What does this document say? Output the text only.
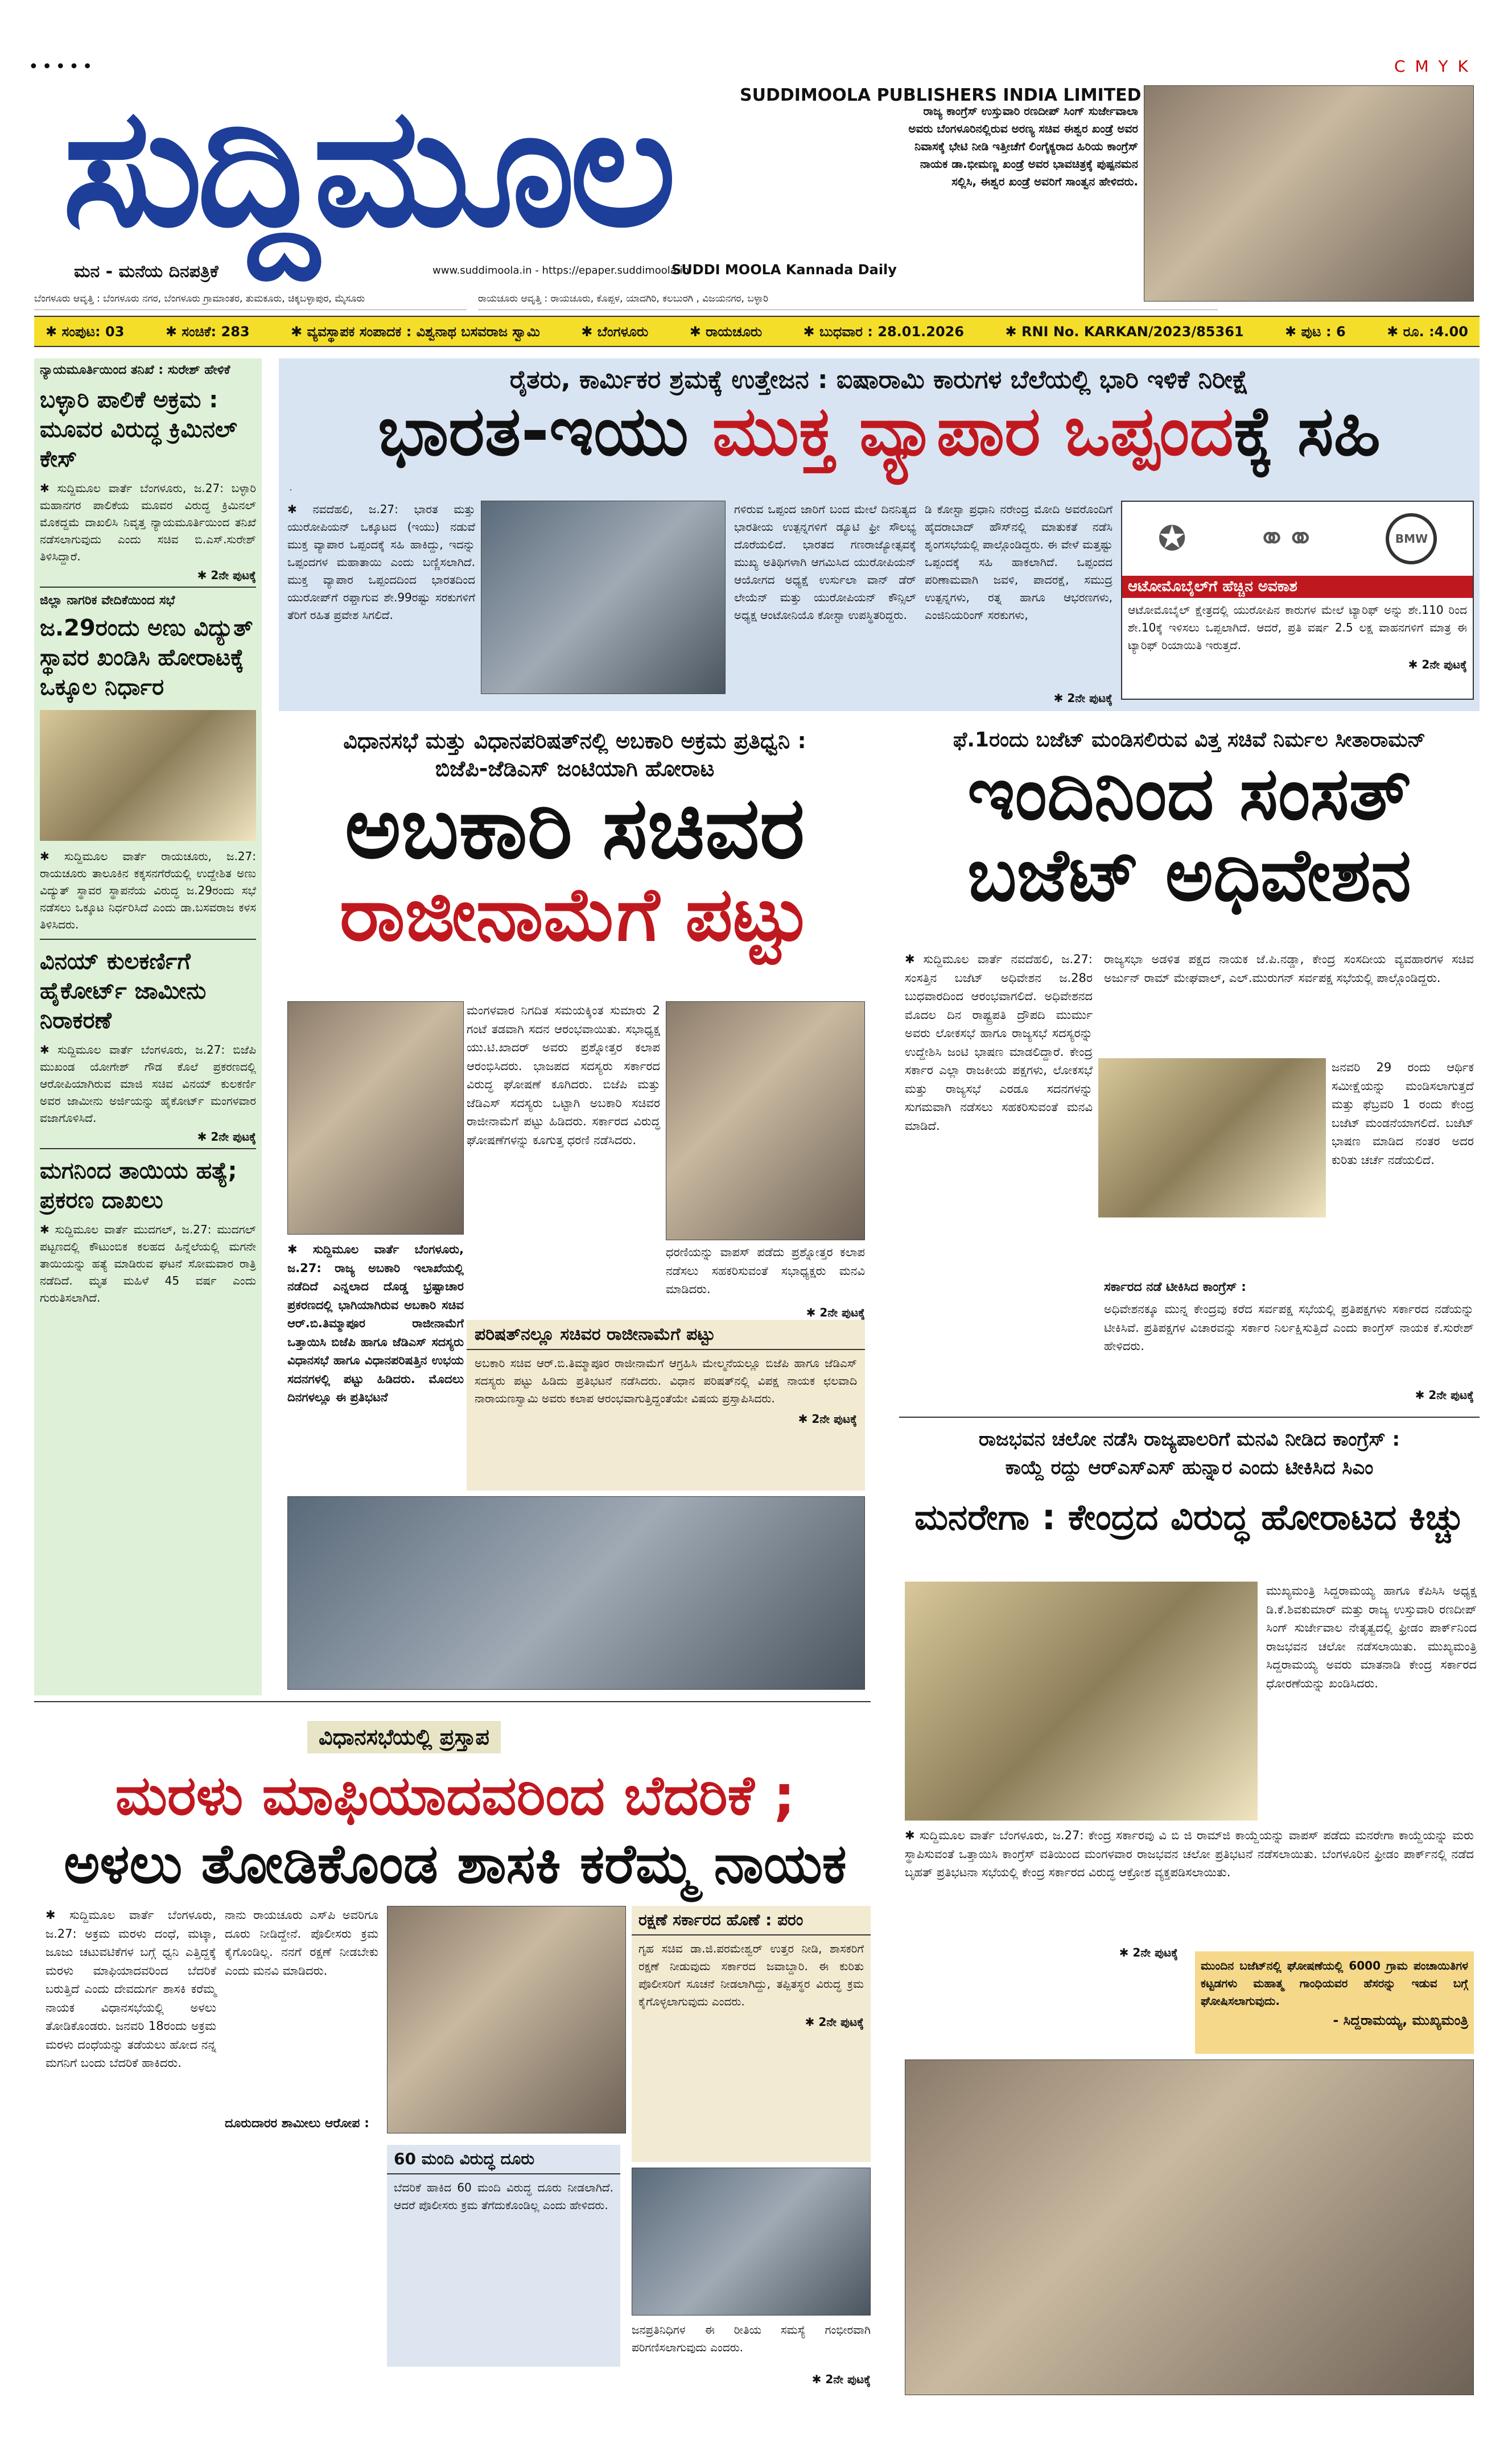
•••••	C M Y K
ಸುದ್ದಿಮೂಲ	SUDDIMOOLA PUBLISHERS INDIA LIMITED
ಮನ - ಮನೆಯ ದಿನಪತ್ರಿಕೆ	www.suddimoola.in - https://epaper.suddimoola.in
SUDDI MOOLA Kannada Daily
ರಾಜ್ಯ ಕಾಂಗ್ರೆಸ್ ಉಸ್ತುವಾರಿ ರಣದೀಪ್ ಸಿಂಗ್ ಸುರ್ಜೇವಾಲಾ ಅವರು ಬೆಂಗಳೂರಿನಲ್ಲಿರುವ ಅರಣ್ಯ ಸಚಿವ ಈಶ್ವರ ಖಂಡ್ರೆ ಅವರ ನಿವಾಸಕ್ಕೆ ಭೇಟಿ ನೀಡಿ ಇತ್ತೀಚೆಗೆ ಲಿಂಗೈಕ್ಯರಾದ ಹಿರಿಯ ಕಾಂಗ್ರೆಸ್ ನಾಯಕ ಡಾ.ಭೀಮಣ್ಣ ಖಂಡ್ರೆ ಅವರ ಭಾವಚಿತ್ರಕ್ಕೆ ಪುಷ್ಪನಮನ ಸಲ್ಲಿಸಿ, ಈಶ್ವರ ಖಂಡ್ರೆ ಅವರಿಗೆ ಸಾಂತ್ವನ ಹೇಳಿದರು.
ಬೆಂಗಳೂರು ಆವೃತ್ತಿ : ಬೆಂಗಳೂರು ನಗರ, ಬೆಂಗಳೂರು ಗ್ರಾಮಾಂತರ, ತುಮಕೂರು, ಚಿಕ್ಕಬಳ್ಳಾಪುರ, ಮೈಸೂರು	ರಾಯಚೂರು ಆವೃತ್ತಿ : ರಾಯಚೂರು, ಕೊಪ್ಪಳ, ಯಾದಗಿರಿ, ಕಲಬುರಗಿ , ವಿಜಯನಗರ, ಬಳ್ಳಾರಿ
✱ ಸಂಪುಟ: 03	✱ ಸಂಚಿಕೆ: 283	✱ ವ್ಯವಸ್ಥಾಪಕ ಸಂಪಾದಕ : ವಿಶ್ವನಾಥ ಬಸವರಾಜ ಸ್ವಾಮಿ	✱ ಬೆಂಗಳೂರು	✱ ರಾಯಚೂರು	✱ ಬುಧವಾರ : 28.01.2026	✱ RNI No. KARKAN/2023/85361	✱ ಪುಟ : 6	✱ ರೂ. :4.00
ನ್ಯಾಯಮೂರ್ತಿಯಿಂದ ತನಿಖೆ : ಸುರೇಶ್ ಹೇಳಿಕೆ
ಬಳ್ಳಾರಿ ಪಾಲಿಕೆ ಅಕ್ರಮ : ಮೂವರ ವಿರುದ್ಧ ಕ್ರಿಮಿನಲ್ ಕೇಸ್
✱ ಸುದ್ದಿಮೂಲ ವಾರ್ತೆ ಬೆಂಗಳೂರು, ಜ.27: ಬಳ್ಳಾರಿ ಮಹಾನಗರ ಪಾಲಿಕೆಯ ಮೂವರ ವಿರುದ್ಧ ಕ್ರಿಮಿನಲ್ ಮೊಕದ್ದಮೆ ದಾಖಲಿಸಿ ನಿವೃತ್ತ ನ್ಯಾಯಮೂರ್ತಿಯಿಂದ ತನಿಖೆ ನಡೆಸಲಾಗುವುದು ಎಂದು ಸಚಿವ ಬಿ.ಎಸ್.ಸುರೇಶ್ ತಿಳಿಸಿದ್ದಾರೆ.
✱ 2ನೇ ಪುಟಕ್ಕೆ
ಜಿಲ್ಲಾ ನಾಗರಿಕ ವೇದಿಕೆಯಿಂದ ಸಭೆ
ಜ.29ರಂದು ಅಣು ವಿದ್ಯುತ್ ಸ್ಥಾವರ ಖಂಡಿಸಿ ಹೋರಾಟಕ್ಕೆ ಒಕ್ಕೂಲ ನಿರ್ಧಾರ
✱ ಸುದ್ದಿಮೂಲ ವಾರ್ತೆ ರಾಯಚೂರು, ಜ.27: ರಾಯಚೂರು ತಾಲೂಕಿನ ಕಕ್ಕಸನಗೆರೆಯಲ್ಲಿ ಉದ್ದೇಶಿತ ಅಣು ವಿದ್ಯುತ್ ಸ್ಥಾವರ ಸ್ಥಾಪನೆಯ ವಿರುದ್ಧ ಜ.29ರಂದು ಸಭೆ ನಡೆಸಲು ಒಕ್ಕೂಟ ನಿರ್ಧರಿಸಿದೆ ಎಂದು ಡಾ.ಬಸವರಾಜ ಕಳಸ ತಿಳಿಸಿದರು.
ವಿನಯ್ ಕುಲಕರ್ಣಿಗೆ ಹೈಕೋರ್ಟ್ ಜಾಮೀನು ನಿರಾಕರಣೆ
✱ ಸುದ್ದಿಮೂಲ ವಾರ್ತೆ ಬೆಂಗಳೂರು, ಜ.27: ಬಿಜೆಪಿ ಮುಖಂಡ ಯೋಗೇಶ್ ಗೌಡ ಕೊಲೆ ಪ್ರಕರಣದಲ್ಲಿ ಆರೋಪಿಯಾಗಿರುವ ಮಾಜಿ ಸಚಿವ ವಿನಯ್ ಕುಲಕರ್ಣಿ ಅವರ ಜಾಮೀನು ಅರ್ಜಿಯನ್ನು ಹೈಕೋರ್ಟ್ ಮಂಗಳವಾರ ವಜಾಗೊಳಿಸಿದೆ.
✱ 2ನೇ ಪುಟಕ್ಕೆ
ಮಗನಿಂದ ತಾಯಿಯ ಹತ್ಯೆ; ಪ್ರಕರಣ ದಾಖಲು
✱ ಸುದ್ದಿಮೂಲ ವಾರ್ತೆ ಮುದಗಲ್, ಜ.27: ಮುದಗಲ್ ಪಟ್ಟಣದಲ್ಲಿ ಕೌಟುಂಬಿಕ ಕಲಹದ ಹಿನ್ನೆಲೆಯಲ್ಲಿ ಮಗನೇ ತಾಯಿಯನ್ನು ಹತ್ಯೆ ಮಾಡಿರುವ ಘಟನೆ ಸೋಮವಾರ ರಾತ್ರಿ ನಡೆದಿದೆ. ಮೃತ ಮಹಿಳೆ 45 ವರ್ಷ ಎಂದು ಗುರುತಿಸಲಾಗಿದೆ.
ರೈತರು, ಕಾರ್ಮಿಕರ ಶ್ರಮಕ್ಕೆ ಉತ್ತೇಜನ : ಐಷಾರಾಮಿ ಕಾರುಗಳ ಬೆಲೆಯಲ್ಲಿ ಭಾರಿ ಇಳಿಕೆ ನಿರೀಕ್ಷೆ
ಭಾರತ-ಇಯು ಮುಕ್ತ ವ್ಯಾಪಾರ ಒಪ್ಪಂದಕ್ಕೆ ಸಹಿ
✱ ನವದೆಹಲಿ, ಜ.27: ಭಾರತ ಮತ್ತು ಯುರೋಪಿಯನ್ ಒಕ್ಕೂಟದ (ಇಯು) ನಡುವೆ ಮುಕ್ತ ವ್ಯಾಪಾರ ಒಪ್ಪಂದಕ್ಕೆ ಸಹಿ ಹಾಕಿದ್ದು, ಇದನ್ನು ಒಪ್ಪಂದಗಳ ಮಹಾತಾಯಿ ಎಂದು ಬಣ್ಣಿಸಲಾಗಿದೆ. ಮುಕ್ತ ವ್ಯಾಪಾರ ಒಪ್ಪಂದದಿಂದ ಭಾರತದಿಂದ ಯುರೋಪ್‌ಗೆ ರಫ್ತಾಗುವ ಶೇ.99ರಷ್ಟು ಸರಕುಗಳಿಗೆ ತೆರಿಗೆ ರಹಿತ ಪ್ರವೇಶ ಸಿಗಲಿದೆ.
ಗಳಿರುವ ಒಪ್ಪಂದ ಜಾರಿಗೆ ಬಂದ ಮೇಲೆ ದಿನನಿತ್ಯದ ಭಾರತೀಯ ಉತ್ಪನ್ನಗಳಿಗೆ ಡ್ಯೂಟಿ ಫ್ರೀ ಸೌಲಭ್ಯ ದೊರೆಯಲಿದೆ. ಭಾರತದ ಗಣರಾಜ್ಯೋತ್ಸವಕ್ಕೆ ಮುಖ್ಯ ಅತಿಥಿಗಳಾಗಿ ಆಗಮಿಸಿದ ಯುರೋಪಿಯನ್ ಆಯೋಗದ ಅಧ್ಯಕ್ಷೆ ಉರ್ಸುಲಾ ವಾನ್ ಡೆರ್ ಲೇಯೆನ್ ಮತ್ತು ಯುರೋಪಿಯನ್ ಕೌನ್ಸಿಲ್ ಅಧ್ಯಕ್ಷ ಆಂಟೋನಿಯೊ ಕೋಸ್ಟಾ ಉಪಸ್ಥಿತರಿದ್ದರು.
ಡಿ ಕೋಸ್ಟಾ ಪ್ರಧಾನಿ ನರೇಂದ್ರ ಮೋದಿ ಅವರೊಂದಿಗೆ ಹೈದರಾಬಾದ್ ಹೌಸ್‌ನಲ್ಲಿ ಮಾತುಕತೆ ನಡೆಸಿ ಶೃಂಗಸಭೆಯಲ್ಲಿ ಪಾಲ್ಗೊಂಡಿದ್ದರು. ಈ ವೇಳೆ ಮತ್ತಷ್ಟು ಒಪ್ಪಂದಕ್ಕೆ ಸಹಿ ಹಾಕಲಾಗಿದೆ. ಒಪ್ಪಂದದ ಪರಿಣಾಮವಾಗಿ ಜವಳಿ, ಪಾದರಕ್ಷೆ, ಸಮುದ್ರ ಉತ್ಪನ್ನಗಳು, ರತ್ನ ಹಾಗೂ ಆಭರಣಗಳು, ಎಂಜಿನಿಯರಿಂಗ್ ಸರಕುಗಳು,
✱ 2ನೇ ಪುಟಕ್ಕೆ
✪ ⚭⚭	BMW
ಆಟೋಮೊಬೈಲ್‌ಗೆ ಹೆಚ್ಚಿನ ಅವಕಾಶ
ಆಟೋಮೊಬೈಲ್ ಕ್ಷೇತ್ರದಲ್ಲಿ ಯುರೋಪಿನ ಕಾರುಗಳ ಮೇಲೆ ಟ್ಯಾರಿಫ್ ಅನ್ನು ಶೇ.110 ರಿಂದ ಶೇ.10ಕ್ಕೆ ಇಳಿಸಲು ಒಪ್ಪಲಾಗಿದೆ. ಆದರೆ, ಪ್ರತಿ ವರ್ಷ 2.5 ಲಕ್ಷ ವಾಹನಗಳಿಗೆ ಮಾತ್ರ ಈ ಟ್ಯಾರಿಫ್ ರಿಯಾಯಿತಿ ಇರುತ್ತದೆ.
✱ 2ನೇ ಪುಟಕ್ಕೆ
ವಿಧಾನಸಭೆ ಮತ್ತು ವಿಧಾನಪರಿಷತ್‌ನಲ್ಲಿ ಅಬಕಾರಿ ಅಕ್ರಮ ಪ್ರತಿಧ್ವನಿ :
ಬಿಜೆಪಿ-ಜೆಡಿಎಸ್ ಜಂಟಿಯಾಗಿ ಹೋರಾಟ
ಅಬಕಾರಿ ಸಚಿವರ
ರಾಜೀನಾಮೆಗೆ ಪಟ್ಟು
ಮಂಗಳವಾರ ನಿಗದಿತ ಸಮಯಕ್ಕಿಂತ ಸುಮಾರು 2 ಗಂಟೆ ತಡವಾಗಿ ಸದನ ಆರಂಭವಾಯಿತು. ಸಭಾಧ್ಯಕ್ಷ ಯು.ಟಿ.ಖಾದರ್ ಅವರು ಪ್ರಶ್ನೋತ್ತರ ಕಲಾಪ ಆರಂಭಿಸಿದರು. ಭಾಜಪದ ಸದಸ್ಯರು ಸರ್ಕಾರದ ವಿರುದ್ಧ ಘೋಷಣೆ ಕೂಗಿದರು. ಬಿಜೆಪಿ ಮತ್ತು ಜೆಡಿಎಸ್ ಸದಸ್ಯರು ಒಟ್ಟಾಗಿ ಅಬಕಾರಿ ಸಚಿವರ ರಾಜೀನಾಮೆಗೆ ಪಟ್ಟು ಹಿಡಿದರು. ಸರ್ಕಾರದ ವಿರುದ್ಧ ಘೋಷಣೆಗಳನ್ನು ಕೂಗುತ್ತ ಧರಣಿ ನಡೆಸಿದರು.
ಧರಣಿಯನ್ನು ವಾಪಸ್ ಪಡೆದು ಪ್ರಶ್ನೋತ್ತರ ಕಲಾಪ ನಡೆಸಲು ಸಹಕರಿಸುವಂತೆ ಸಭಾಧ್ಯಕ್ಷರು ಮನವಿ ಮಾಡಿದರು.
✱ 2ನೇ ಪುಟಕ್ಕೆ
✱ ಸುದ್ದಿಮೂಲ ವಾರ್ತೆ ಬೆಂಗಳೂರು, ಜ.27: ರಾಜ್ಯ ಅಬಕಾರಿ ಇಲಾಖೆಯಲ್ಲಿ ನಡೆದಿದೆ ಎನ್ನಲಾದ ದೊಡ್ಡ ಭ್ರಷ್ಟಾಚಾರ ಪ್ರಕರಣದಲ್ಲಿ ಭಾಗಿಯಾಗಿರುವ ಅಬಕಾರಿ ಸಚಿವ ಆರ್.ಬಿ.ತಿಮ್ಮಾಪೂರ ರಾಜೀನಾಮೆಗೆ ಒತ್ತಾಯಿಸಿ ಬಿಜೆಪಿ ಹಾಗೂ ಜೆಡಿಎಸ್ ಸದಸ್ಯರು ವಿಧಾನಸಭೆ ಹಾಗೂ ವಿಧಾನಪರಿಷತ್ತಿನ ಉಭಯ ಸದನಗಳಲ್ಲಿ ಪಟ್ಟು ಹಿಡಿದರು. ಮೊದಲು ದಿನಗಳಲ್ಲೂ ಈ ಪ್ರತಿಭಟನೆ
ಪರಿಷತ್‌ನಲ್ಲೂ ಸಚಿವರ ರಾಜೀನಾಮೆಗೆ ಪಟ್ಟು
ಅಬಕಾರಿ ಸಚಿವ ಆರ್.ಬಿ.ತಿಮ್ಮಾಪೂರ ರಾಜೀನಾಮೆಗೆ ಆಗ್ರಹಿಸಿ ಮೇಲ್ಮನೆಯಲ್ಲೂ ಬಿಜೆಪಿ ಹಾಗೂ ಜೆಡಿಎಸ್ ಸದಸ್ಯರು ಪಟ್ಟು ಹಿಡಿದು ಪ್ರತಿಭಟನೆ ನಡೆಸಿದರು. ವಿಧಾನ ಪರಿಷತ್‌ನಲ್ಲಿ ವಿಪಕ್ಷ ನಾಯಕ ಛಲವಾದಿ ನಾರಾಯಣಸ್ವಾಮಿ ಅವರು ಕಲಾಪ ಆರಂಭವಾಗುತ್ತಿದ್ದಂತೆಯೇ ವಿಷಯ ಪ್ರಸ್ತಾಪಿಸಿದರು.
✱ 2ನೇ ಪುಟಕ್ಕೆ
ಫೆ.1ರಂದು ಬಜೆಟ್ ಮಂಡಿಸಲಿರುವ ವಿತ್ತ ಸಚಿವೆ ನಿರ್ಮಲ ಸೀತಾರಾಮನ್
ಇಂದಿನಿಂದ ಸಂಸತ್
ಬಜೆಟ್ ಅಧಿವೇಶನ
✱ ಸುದ್ದಿಮೂಲ ವಾರ್ತೆ ನವದೆಹಲಿ, ಜ.27: ಸಂಸತ್ತಿನ ಬಜೆಟ್ ಅಧಿವೇಶನ ಜ.28ರ ಬುಧವಾರದಿಂದ ಆರಂಭವಾಗಲಿದೆ. ಅಧಿವೇಶನದ ಮೊದಲ ದಿನ ರಾಷ್ಟ್ರಪತಿ ದ್ರೌಪದಿ ಮುರ್ಮು ಅವರು ಲೋಕಸಭೆ ಹಾಗೂ ರಾಜ್ಯಸಭೆ ಸದಸ್ಯರನ್ನು ಉದ್ದೇಶಿಸಿ ಜಂಟಿ ಭಾಷಣ ಮಾಡಲಿದ್ದಾರೆ. ಕೇಂದ್ರ ಸರ್ಕಾರ ಎಲ್ಲಾ ರಾಜಕೀಯ ಪಕ್ಷಗಳು, ಲೋಕಸಭೆ ಮತ್ತು ರಾಜ್ಯಸಭೆ ಎರಡೂ ಸದನಗಳನ್ನು ಸುಗಮವಾಗಿ ನಡೆಸಲು ಸಹಕರಿಸುವಂತೆ ಮನವಿ ಮಾಡಿದೆ.
ರಾಜ್ಯಸಭಾ ಅಡಳಿತ ಪಕ್ಷದ ನಾಯಕ ಜೆ.ಪಿ.ನಡ್ಡಾ, ಕೇಂದ್ರ ಸಂಸದೀಯ ವ್ಯವಹಾರಗಳ ಸಚಿವ ಅರ್ಜುನ್ ರಾಮ್ ಮೇಘವಾಲ್, ಎಲ್.ಮುರುಗನ್ ಸರ್ವಪಕ್ಷ ಸಭೆಯಲ್ಲಿ ಪಾಲ್ಗೊಂಡಿದ್ದರು.
ಜನವರಿ 29 ರಂದು ಆರ್ಥಿಕ ಸಮೀಕ್ಷೆಯನ್ನು ಮಂಡಿಸಲಾಗುತ್ತದೆ ಮತ್ತು ಫೆಬ್ರವರಿ 1 ರಂದು ಕೇಂದ್ರ ಬಜೆಟ್ ಮಂಡನೆಯಾಗಲಿದೆ. ಬಜೆಟ್ ಭಾಷಣ ಮಾಡಿದ ನಂತರ ಅದರ ಕುರಿತು ಚರ್ಚೆ ನಡೆಯಲಿದೆ.
ಸರ್ಕಾರದ ನಡೆ ಟೀಕಿಸಿದ ಕಾಂಗ್ರೆಸ್ :
ಅಧಿವೇಶನಕ್ಕೂ ಮುನ್ನ ಕೇಂದ್ರವು ಕರೆದ ಸರ್ವಪಕ್ಷ ಸಭೆಯಲ್ಲಿ ಪ್ರತಿಪಕ್ಷಗಳು ಸರ್ಕಾರದ ನಡೆಯನ್ನು ಟೀಕಿಸಿವೆ. ಪ್ರತಿಪಕ್ಷಗಳ ವಿಚಾರವನ್ನು ಸರ್ಕಾರ ನಿರ್ಲಕ್ಷಿಸುತ್ತಿದೆ ಎಂದು ಕಾಂಗ್ರೆಸ್ ನಾಯಕ ಕೆ.ಸುರೇಶ್ ಹೇಳಿದರು.
✱ 2ನೇ ಪುಟಕ್ಕೆ
ರಾಜಭವನ ಚಲೋ ನಡೆಸಿ ರಾಜ್ಯಪಾಲರಿಗೆ ಮನವಿ ನೀಡಿದ ಕಾಂಗ್ರೆಸ್ :
ಕಾಯ್ದೆ ರದ್ದು ಆರ್‌ಎಸ್‌ಎಸ್ ಹುನ್ನಾರ ಎಂದು ಟೀಕಿಸಿದ ಸಿಎಂ
ಮನರೇಗಾ : ಕೇಂದ್ರದ ವಿರುದ್ಧ ಹೋರಾಟದ ಕಿಚ್ಚು
ಮುಖ್ಯಮಂತ್ರಿ ಸಿದ್ದರಾಮಯ್ಯ ಹಾಗೂ ಕೆಪಿಸಿಸಿ ಅಧ್ಯಕ್ಷ ಡಿ.ಕೆ.ಶಿವಕುಮಾರ್ ಮತ್ತು ರಾಜ್ಯ ಉಸ್ತುವಾರಿ ರಣದೀಪ್ ಸಿಂಗ್ ಸುರ್ಜೇವಾಲ ನೇತೃತ್ವದಲ್ಲಿ ಫ್ರೀಡಂ ಪಾರ್ಕ್‌ನಿಂದ ರಾಜಭವನ ಚಲೋ ನಡೆಸಲಾಯಿತು. ಮುಖ್ಯಮಂತ್ರಿ ಸಿದ್ದರಾಮಯ್ಯ ಅವರು ಮಾತನಾಡಿ ಕೇಂದ್ರ ಸರ್ಕಾರದ ಧೋರಣೆಯನ್ನು ಖಂಡಿಸಿದರು.
✱ ಸುದ್ದಿಮೂಲ ವಾರ್ತೆ ಬೆಂಗಳೂರು, ಜ.27: ಕೇಂದ್ರ ಸರ್ಕಾರವು ವಿ ಬಿ ಜಿ ರಾಮ್‌ಜಿ ಕಾಯ್ದೆಯನ್ನು ವಾಪಸ್ ಪಡೆದು ಮನರೇಗಾ ಕಾಯ್ದೆಯನ್ನು ಮರು ಸ್ಥಾಪಿಸುವಂತೆ ಒತ್ತಾಯಿಸಿ ಕಾಂಗ್ರೆಸ್ ವತಿಯಿಂದ ಮಂಗಳವಾರ ರಾಜಭವನ ಚಲೋ ಪ್ರತಿಭಟನೆ ನಡೆಸಲಾಯಿತು. ಬೆಂಗಳೂರಿನ ಫ್ರೀಡಂ ಪಾರ್ಕ್‌ನಲ್ಲಿ ನಡೆದ ಬೃಹತ್ ಪ್ರತಿಭಟನಾ ಸಭೆಯಲ್ಲಿ ಕೇಂದ್ರ ಸರ್ಕಾರದ ವಿರುದ್ಧ ಆಕ್ರೋಶ ವ್ಯಕ್ತಪಡಿಸಲಾಯಿತು.
ಮುಂದಿನ ಬಜೆಟ್‌ನಲ್ಲಿ ಘೋಷಣೆಯಲ್ಲಿ 6000 ಗ್ರಾಮ ಪಂಚಾಯಿತಿಗಳ ಕಟ್ಟಡಗಳು ಮಹಾತ್ಮ ಗಾಂಧಿಯವರ ಹೆಸರನ್ನು ಇಡುವ ಬಗ್ಗೆ ಘೋಷಿಸಲಾಗುವುದು.
- ಸಿದ್ದರಾಮಯ್ಯ, ಮುಖ್ಯಮಂತ್ರಿ
✱ 2ನೇ ಪುಟಕ್ಕೆ
ವಿಧಾನಸಭೆಯಲ್ಲಿ ಪ್ರಸ್ತಾಪ
ಮರಳು ಮಾಫಿಯಾದವರಿಂದ ಬೆದರಿಕೆ ;
ಅಳಲು ತೋಡಿಕೊಂಡ ಶಾಸಕಿ ಕರೆಮ್ಮ ನಾಯಕ
✱ ಸುದ್ದಿಮೂಲ ವಾರ್ತೆ ಬೆಂಗಳೂರು, ಜ.27: ಅಕ್ರಮ ಮರಳು ದಂಧೆ, ಮಟ್ಕಾ, ಜೂಜು ಚಟುವಟಿಕೆಗಳ ಬಗ್ಗೆ ಧ್ವನಿ ಎತ್ತಿದ್ದಕ್ಕೆ ಮರಳು ಮಾಫಿಯಾದವರಿಂದ ಬೆದರಿಕೆ ಬರುತ್ತಿದೆ ಎಂದು ದೇವದುರ್ಗ ಶಾಸಕಿ ಕರೆಮ್ಮ ನಾಯಕ ವಿಧಾನಸಭೆಯಲ್ಲಿ ಅಳಲು ತೋಡಿಕೊಂಡರು. ಜನವರಿ 18ರಂದು ಅಕ್ರಮ ಮರಳು ದಂಧೆಯನ್ನು ತಡೆಯಲು ಹೋದ ನನ್ನ ಮಗನಿಗೆ ಬಂದು ಬೆದರಿಕೆ ಹಾಕಿದರು.
ನಾನು ರಾಯಚೂರು ಎಸ್‌ಪಿ ಅವರಿಗೂ ದೂರು ನೀಡಿದ್ದೇನೆ. ಪೊಲೀಸರು ಕ್ರಮ ಕೈಗೊಂಡಿಲ್ಲ. ನನಗೆ ರಕ್ಷಣೆ ನೀಡಬೇಕು ಎಂದು ಮನವಿ ಮಾಡಿದರು.
ದೂರುದಾರರ ಶಾಮೀಲು ಆರೋಪ :
ರಕ್ಷಣೆ ಸರ್ಕಾರದ ಹೊಣೆ : ಪರಂ
ಗೃಹ ಸಚಿವ ಡಾ.ಜಿ.ಪರಮೇಶ್ವರ್ ಉತ್ತರ ನೀಡಿ, ಶಾಸಕರಿಗೆ ರಕ್ಷಣೆ ನೀಡುವುದು ಸರ್ಕಾರದ ಜವಾಬ್ದಾರಿ. ಈ ಕುರಿತು ಪೊಲೀಸರಿಗೆ ಸೂಚನೆ ನೀಡಲಾಗಿದ್ದು, ತಪ್ಪಿತಸ್ಥರ ವಿರುದ್ಧ ಕ್ರಮ ಕೈಗೊಳ್ಳಲಾಗುವುದು ಎಂದರು.
✱ 2ನೇ ಪುಟಕ್ಕೆ
60 ಮಂದಿ ವಿರುದ್ಧ ದೂರು
ಬೆದರಿಕೆ ಹಾಕಿದ 60 ಮಂದಿ ವಿರುದ್ಧ ದೂರು ನೀಡಲಾಗಿದೆ. ಆದರೆ ಪೊಲೀಸರು ಕ್ರಮ ತೆಗೆದುಕೊಂಡಿಲ್ಲ ಎಂದು ಹೇಳಿದರು.
ಜನಪ್ರತಿನಿಧಿಗಳ ಈ ರೀತಿಯ ಸಮಸ್ಯೆ ಗಂಭೀರವಾಗಿ ಪರಿಗಣಿಸಲಾಗುವುದು ಎಂದರು.
✱ 2ನೇ ಪುಟಕ್ಕೆ
